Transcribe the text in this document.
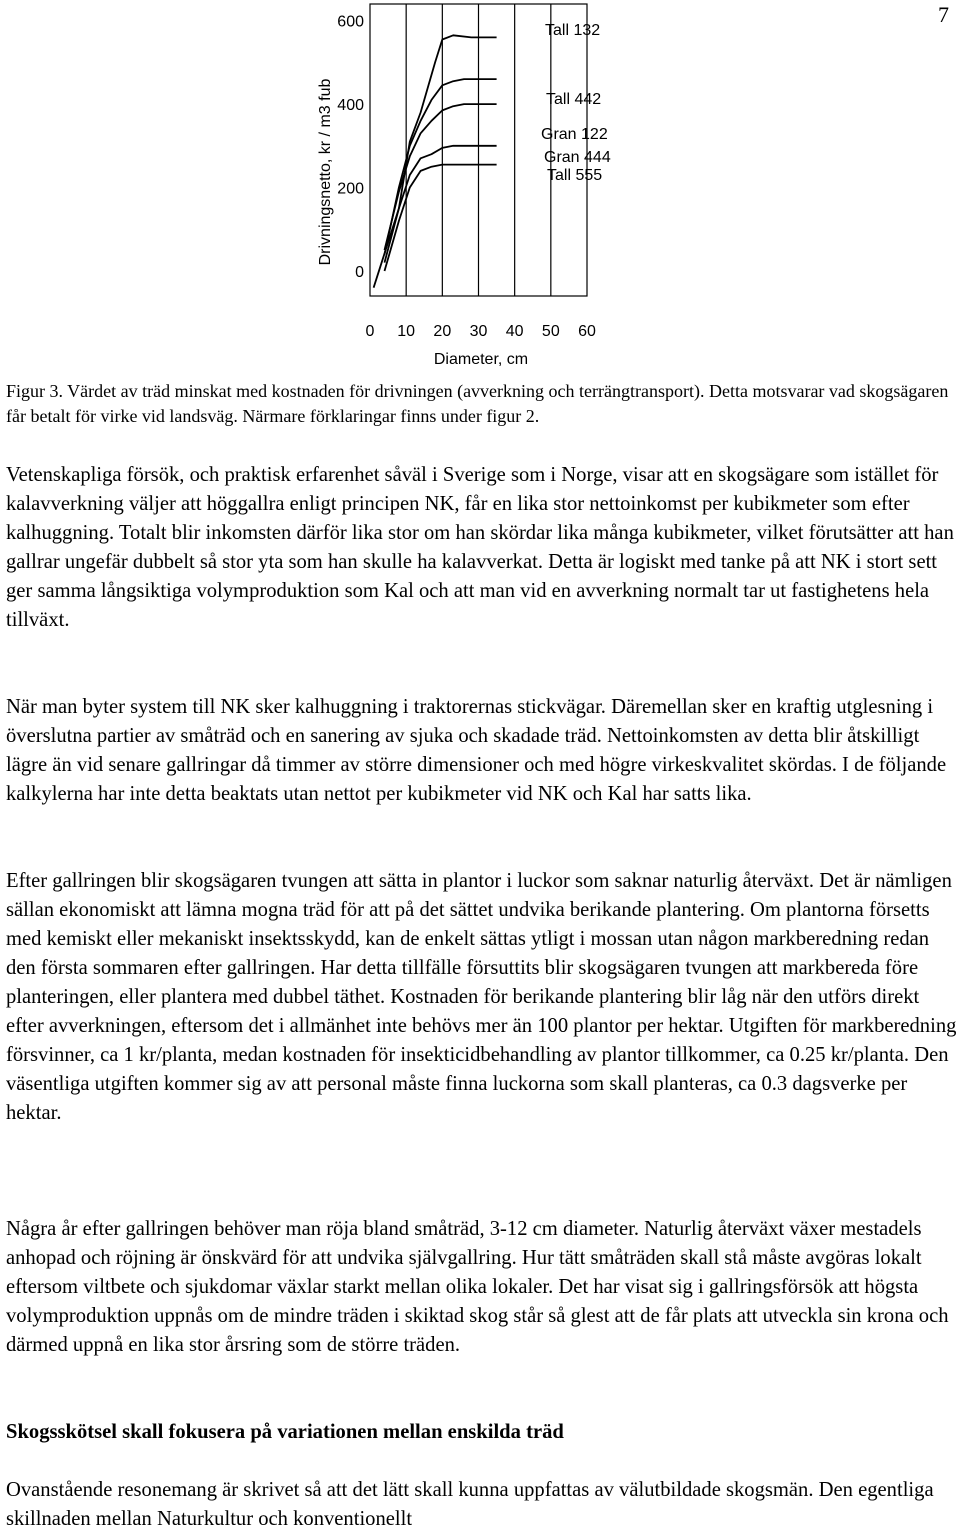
7
0
200
400
600
0 10 20 30 40 50 60
Tall 132
Tall 442
Gran 122
Gran 444
Tall 555
Drivningsnetto, kr / m3 fub
Diameter, cm

Figur 3. Värdet av träd minskat med kostnaden för drivningen (avverkning och terrängtransport). Detta motsvarar vad skogsägaren får betalt för virke vid landsväg. Närmare förklaringar finns under figur 2.

Vetenskapliga försök, och praktisk erfarenhet såväl i Sverige som i Norge, visar att en skogsägare som istället för kalavverkning väljer att höggallra enligt principen NK, får en lika stor nettoinkomst per kubikmeter som efter kalhuggning. Totalt blir inkomsten därför lika stor om han skördar lika många kubikmeter, vilket förutsätter att han gallrar ungefär dubbelt så stor yta som han skulle ha kalavverkat. Detta är logiskt med tanke på att NK i stort sett ger samma långsiktiga volymproduktion som Kal och att man vid en avverkning normalt tar ut fastighetens hela tillväxt.

När man byter system till NK sker kalhuggning i traktorernas stickvägar. Däremellan sker en kraftig utglesning i överslutna partier av småträd och en sanering av sjuka och skadade träd. Nettoinkomsten av detta blir åtskilligt lägre än vid senare gallringar då timmer av större dimensioner och med högre virkeskvalitet skördas. I de följande kalkylerna har inte detta beaktats utan nettot per kubikmeter vid NK och Kal har satts lika.

Efter gallringen blir skogsägaren tvungen att sätta in plantor i luckor som saknar naturlig återväxt. Det är nämligen sällan ekonomiskt att lämna mogna träd för att på det sättet undvika berikande plantering. Om plantorna försetts med kemiskt eller mekaniskt insektsskydd, kan de enkelt sättas ytligt i mossan utan någon markberedning redan den första sommaren efter gallringen. Har detta tillfälle försuttits blir skogsägaren tvungen att markbereda före planteringen, eller plantera med dubbel täthet. Kostnaden för berikande plantering blir låg när den utförs direkt efter avverkningen, eftersom det i allmänhet inte behövs mer än 100 plantor per hektar. Utgiften för markberedning försvinner, ca 1 kr/planta, medan kostnaden för insekticidbehandling av plantor tillkommer, ca 0.25 kr/planta. Den väsentliga utgiften kommer sig av att personal måste finna luckorna som skall planteras, ca 0.3 dagsverke per hektar.

Några år efter gallringen behöver man röja bland småträd, 3-12 cm diameter. Naturlig återväxt växer mestadels anhopad och röjning är önskvärd för att undvika självgallring. Hur tätt småträden skall stå måste avgöras lokalt eftersom viltbete och sjukdomar växlar starkt mellan olika lokaler. Det har visat sig i gallringsförsök att högsta volymproduktion uppnås om de mindre träden i skiktad skog står så glest att de får plats att utveckla sin krona och därmed uppnå en lika stor årsring som de större träden.

Skogsskötsel skall fokusera på variationen mellan enskilda träd

Ovanstående resonemang är skrivet så att det lätt skall kunna uppfattas av välutbildade skogsmän. Den egentliga skillnaden mellan Naturkultur och konventionellt
